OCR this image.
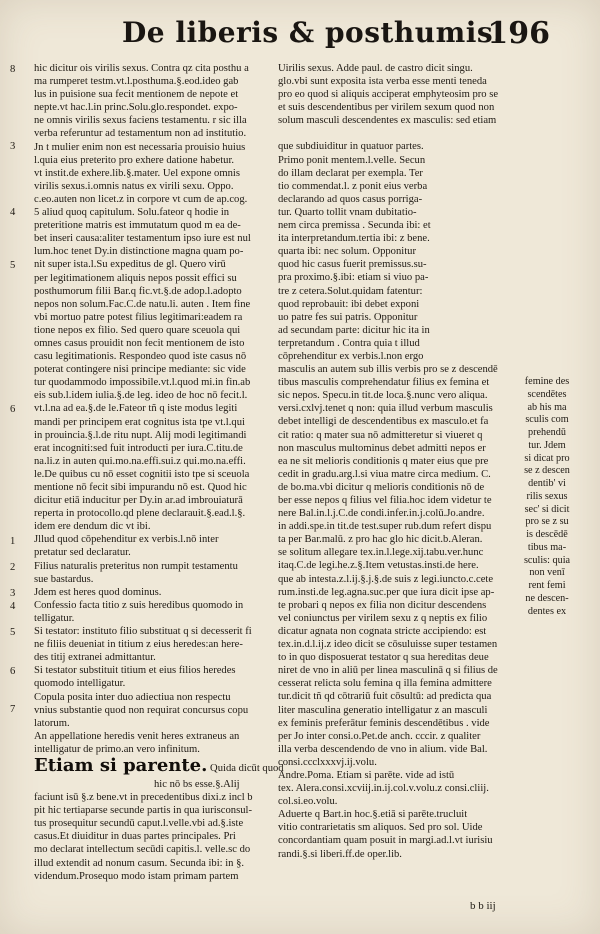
De liberis & posthumis.
196
8
3
4
5
6
1
2
3
4
5
6
7
hic dicitur ois virilis sexus. Contra qz cita posthu a
ma rumperet testm.vt.l.posthuma.§.eod.ideo gab
lus in puisione sua fecit mentionem de nepote et
nepte.vt hac.l.in princ.Solu.glo.respondet. expo-
ne omnis virilis sexus faciens testamentu. r sic illa
verba referuntur ad testamentum non ad institutio.
Jn t mulier enim non est necessaria prouisio huius
l.quia eius preterito pro exhere datione habetur.
vt instit.de exhere.lib.§.mater. Uel expone omnis
virilis sexus.i.omnis natus ex virili sexu. Oppo.
c.eo.auten non licet.z in corpore vt cum de ap.cog.
5 aliud quoq capitulum. Solu.fateor q hodie in
preteritione matris est immutatum quod m ea de-
bet inseri causa:aliter testamentum ipso iure est nul
lum.hoc tenet Dy.in distinctione magna quam po-
nit super ista.l.Su expeditus de gl. Quero virū
per legitimationem aliquis nepos possit effici su
posthumorum filii Bar.q fic.vt.§.de adop.l.adopto
nepos non solum.Fac.C.de natu.li. auten . Item fine
vbi mortuo patre potest filius legitimari:eadem ra
tione nepos ex filio. Sed quero quare sceuola qui
omnes casus prouidit non fecit mentionem de isto
casu legitimationis. Respondeo quod iste casus nō
poterat contingere nisi principe mediante: sic vide
tur quodammodo impossibile.vt.l.quod mi.in fin.ab
eis sub.l.idem iulia.§.de leg. ideo de hoc nō fecit.l.
vt.l.na ad ea.§.de le.Fateor tñ q iste modus legiti
mandi per principem erat cognitus ista tpe vt.l.qui
in prouincia.§.l.de ritu nupt. Alij modi legitimandi
erat incogniti:sed fuit introducti per iura.C.titu.de
na.li.z in auten qui.mo.na.effi.sui.z qui.mo.na.effi.
le.De quibus cu nō esset cognitii isto tpe si sceuola
mentione nō fecit sibi impurandu nō est. Quod hic
dicitur etiā inducitur per Dy.in ar.ad imbrouiaturā
reperta in protocollo.qd plene declarauit.§.ead.l.§.
idem ere dendum dic vt ibi.
Jllud quod cōpehenditur ex verbis.l.nō inter
pretatur sed declaratur.
Filius naturalis preteritus non rumpit testamentu
sue bastardus.
Jdem est heres quod dominus.
Confessio facta titio z suis heredibus quomodo in
telligatur.
Si testator: instituto filio substituat q si decesserit fi
ne filiis deueniat in titium z eius heredes:an here-
des titij extranei admittantur.
Si testator substituit titium et eius filios heredes
quomodo intelligatur.
Copula posita inter duo adiectiua non respectu
vnius substantie quod non requirat concursus copu
latorum.
An appellatione heredis venit heres extraneus an
intelligatur de primo.an vero infinitum.
Etiam si parente. Quida dicūt quod
hic nō bs esse.§.Alij
faciunt isū §.z bene.vt in precedentibus dixi.z incl b
pit hic tertiaparse secunde partis in qua iurisconsul-
tus prosequitur secundū caput.l.velle.vbi ad.§.iste
casus.Et diuiditur in duas partes principales. Pri
mo declarat intellectum secūdi capitis.l. velle.sc do
illud extendit ad nonum casum. Secunda ibi: in §.
videndum.Prosequo modo istam primam partem
Uirilis sexus. Adde paul. de castro dicit singu.
glo.vbi sunt exposita ista verba esse menti teneda
pro eo quod si aliquis acciperat emphyteosim pro se
et suis descendentibus per virilem sexum quod non
solum masculi descendentes ex masculis: sed etiam
que subdiuiditur in quatuor partes.
Primo ponit mentem.l.velle. Secun
do illam declarat per exempla. Ter
tio commendat.l. z ponit eius verba
declarando ad quos casus porriga-
tur. Quarto tollit vnam dubitatio-
nem circa premissa . Secunda ibi: et
ita interpretandum.tertia ibi: z bene.
quarta ibi: nec solum. Opponitur
quod hic casus fuerit premissus.su-
pra proximo.§.ibi: etiam si viuo pa-
tre z cetera.Solut.quidam fatentur:
quod reprobauit: ibi debet exponi
uo patre fes sui patris. Opponitur
ad secundam parte: dicitur hic ita in
terpretandum . Contra quia t illud
cōprehenditur ex verbis.l.non ergo
masculis an autem sub illis verbis pro se z descendē
tibus masculis comprehendatur filius ex femina et
sic nepos. Specu.in tit.de loca.§.nunc vero aliqua.
versi.cxlvj.tenet q non: quia illud verbum masculis
debet intelligi de descendentibus ex masculo.et fa
cit ratio: q mater sua nō admitteretur si viueret q
non masculus multominus debet admitti nepos er
ea ne sit melioris conditionis q mater eius que pre
cedit in gradu.arg.l.si viua matre circa medium. C.
de bo.ma.vbi dicitur q melioris conditionis nō de
ber esse nepos q filius vel filia.hoc idem videtur te
nere Bal.in.l.j.C.de condi.infer.in.j.colū.Jo.andre.
in addi.spe.in tit.de test.super rub.dum refert dispu
ta per Bar.malū. z pro hac glo hic dicit.b.Aleran.
se solitum allegare tex.in.l.lege.xij.tabu.ver.hunc
itaq.C.de legi.he.z.§.Item vetustas.insti.de here.
que ab intesta.z.l.ij.§.j.§.de suis z legi.iuncto.c.cete
rum.insti.de leg.agna.suc.per que iura dicit ipse ap-
te probari q nepos ex filia non dicitur descendens
vel coniunctus per virilem sexu z q neptis ex filio
dicatur agnata non cognata stricte accipiendo: est
tex.in.d.l.ij.z ideo dicit se cōsuluisse super testamen
to in quo disposuerat testator q sua hereditas deue
niret de vno in aliū per linea masculinā q si filius de
cesserat relicta solu femina q illa femina admittere
tur.dicit tñ qd cōtrariū fuit cōsultū: ad predicta qua
liter masculina generatio intelligatur z an masculi
ex feminis preferātur feminis descendētibus . vide
per Jo inter consi.o.Pet.de anch. cccir. z qualiter
illa verba descendendo de vno in alium. vide Bal.
consi.ccclxxxvj.ij.volu.
Andre.Poma. Etiam si parēte. vide ad istū
tex. Alera.consi.xcviij.in.ij.col.v.volu.z consi.cliij.
col.si.eo.volu.
Aduerte q Bart.in hoc.§.etiā si parēte.trucluit
vitio contrarietatis sm aliquos. Sed pro sol. Uide
concordantiam quam posuit in margi.ad.l.vt iurisiu
randi.§.si liberi.ff.de oper.lib.
femine des
scendētes
ab his ma
sculis com
prehendū
tur. Jdem
si dicat pro
se z descen
dentib' vi
rilis sexus
sec' si dicit
pro se z su
is descēdē
tibus ma-
sculis: quia
non venī
rent femi
ne descen-
dentes ex
b b iij
